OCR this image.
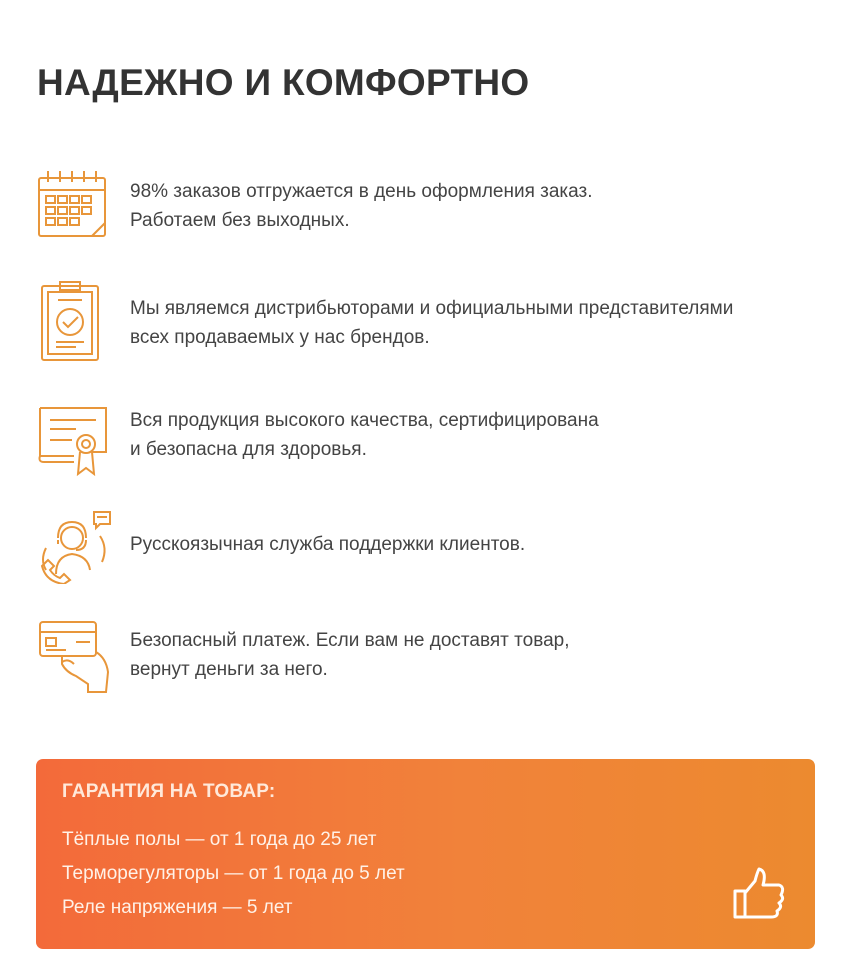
НАДЕЖНО И КОМФОРТНО
98% заказов отгружается в день оформления заказ.
Работаем без выходных.
Мы являемся дистрибьюторами и официальными представителями
всех продаваемых у нас брендов.
Вся продукция высокого качества, сертифицирована
и безопасна для здоровья.
Русскоязычная служба поддержки клиентов.
Безопасный платеж. Если вам не доставят товар,
вернут деньги за него.
ГАРАНТИЯ НА ТОВАР:
Тёплые полы — от 1 года до 25 лет
Терморегуляторы — от 1 года до 5 лет
Реле напряжения — 5 лет
